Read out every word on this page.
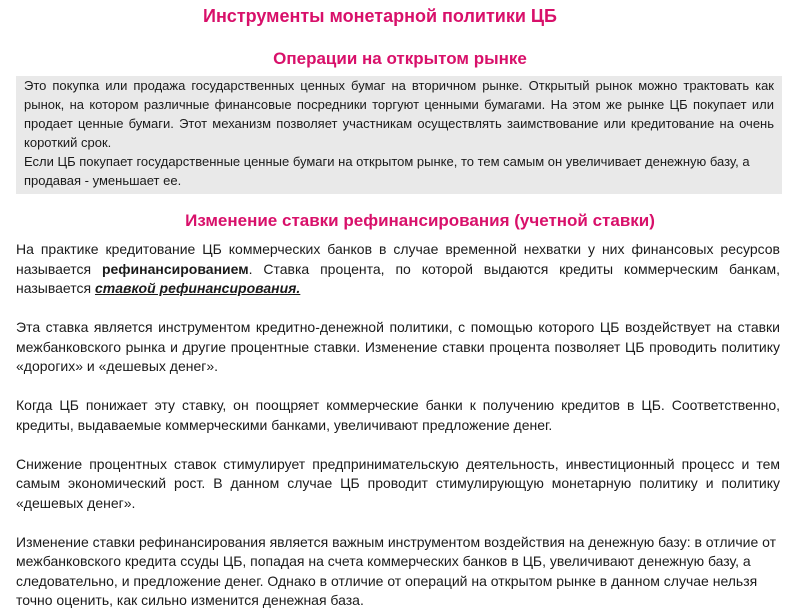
Инструменты монетарной политики ЦБ
Операции на открытом рынке

Это покупка или продажа государственных ценных бумаг на вторичном рынке. Открытый рынок можно трактовать как рынок, на котором различные финансовые посредники торгуют ценными бумагами. На этом же рынке ЦБ покупает или продает ценные бумаги. Этот механизм позволяет участникам осуществлять заимствование или кредитование на очень короткий срок.

Если ЦБ покупает государственные ценные бумаги на открытом рынке, то тем самым он увеличивает денежную базу, а продавая - уменьшает ее.

Изменение ставки рефинансирования (учетной ставки)

На практике кредитование ЦБ коммерческих банков в случае временной нехватки у них финансовых ресурсов называется рефинансированием. Ставка процента, по которой выдаются кредиты коммерческим банкам, называется ставкой рефинансирования.

Эта ставка является инструментом кредитно-денежной политики, с помощью которого ЦБ воздействует на ставки межбанковского рынка и другие процентные ставки. Изменение ставки процента позволяет ЦБ проводить политику «дорогих» и «дешевых денег».

Когда ЦБ понижает эту ставку, он поощряет коммерческие банки к получению кредитов в ЦБ. Соответственно, кредиты, выдаваемые коммерческими банками, увеличивают предложение денег.

Снижение процентных ставок стимулирует предпринимательскую деятельность, инвестиционный процесс и тем самым экономический рост. В данном случае ЦБ проводит стимулирующую монетарную политику и политику «дешевых денег».

Изменение ставки рефинансирования является важным инструментом воздействия на денежную базу: в отличие от межбанковского кредита ссуды ЦБ, попадая на счета коммерческих банков в ЦБ, увеличивают денежную базу, а следовательно, и предложение денег. Однако в отличие от операций на открытом рынке в данном случае нельзя точно оценить, как сильно изменится денежная база.
